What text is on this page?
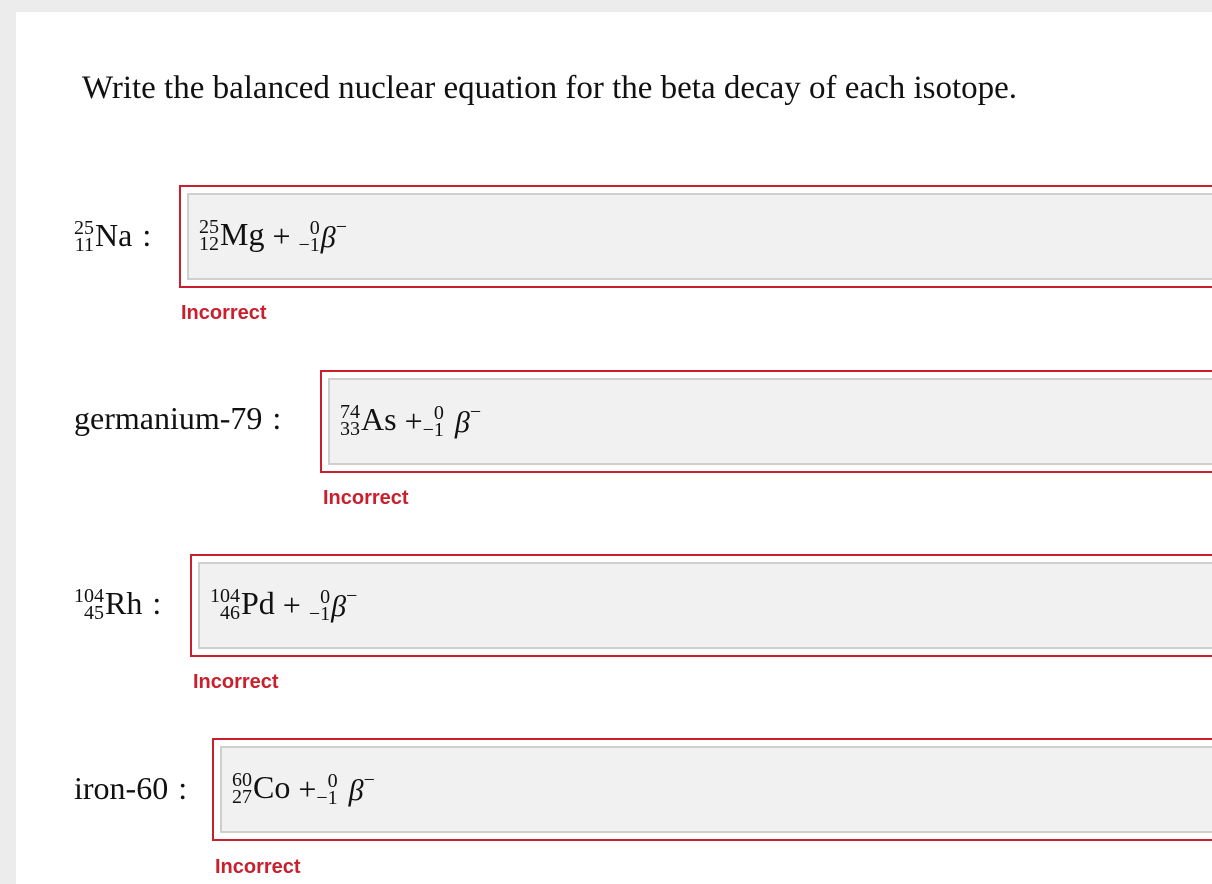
Write the balanced nuclear equation for the beta decay of each isotope.
25
11 Na : 25
12 Mg + 0
−1 β−
Incorrect
germanium-79 :	74
33 As + 0
−1 β−
Incorrect
104
45 Rh : 104
46 Pd + 0
−1 β−
Incorrect
iron-60 : 60
27 Co + 0
−1 β−
Incorrect
